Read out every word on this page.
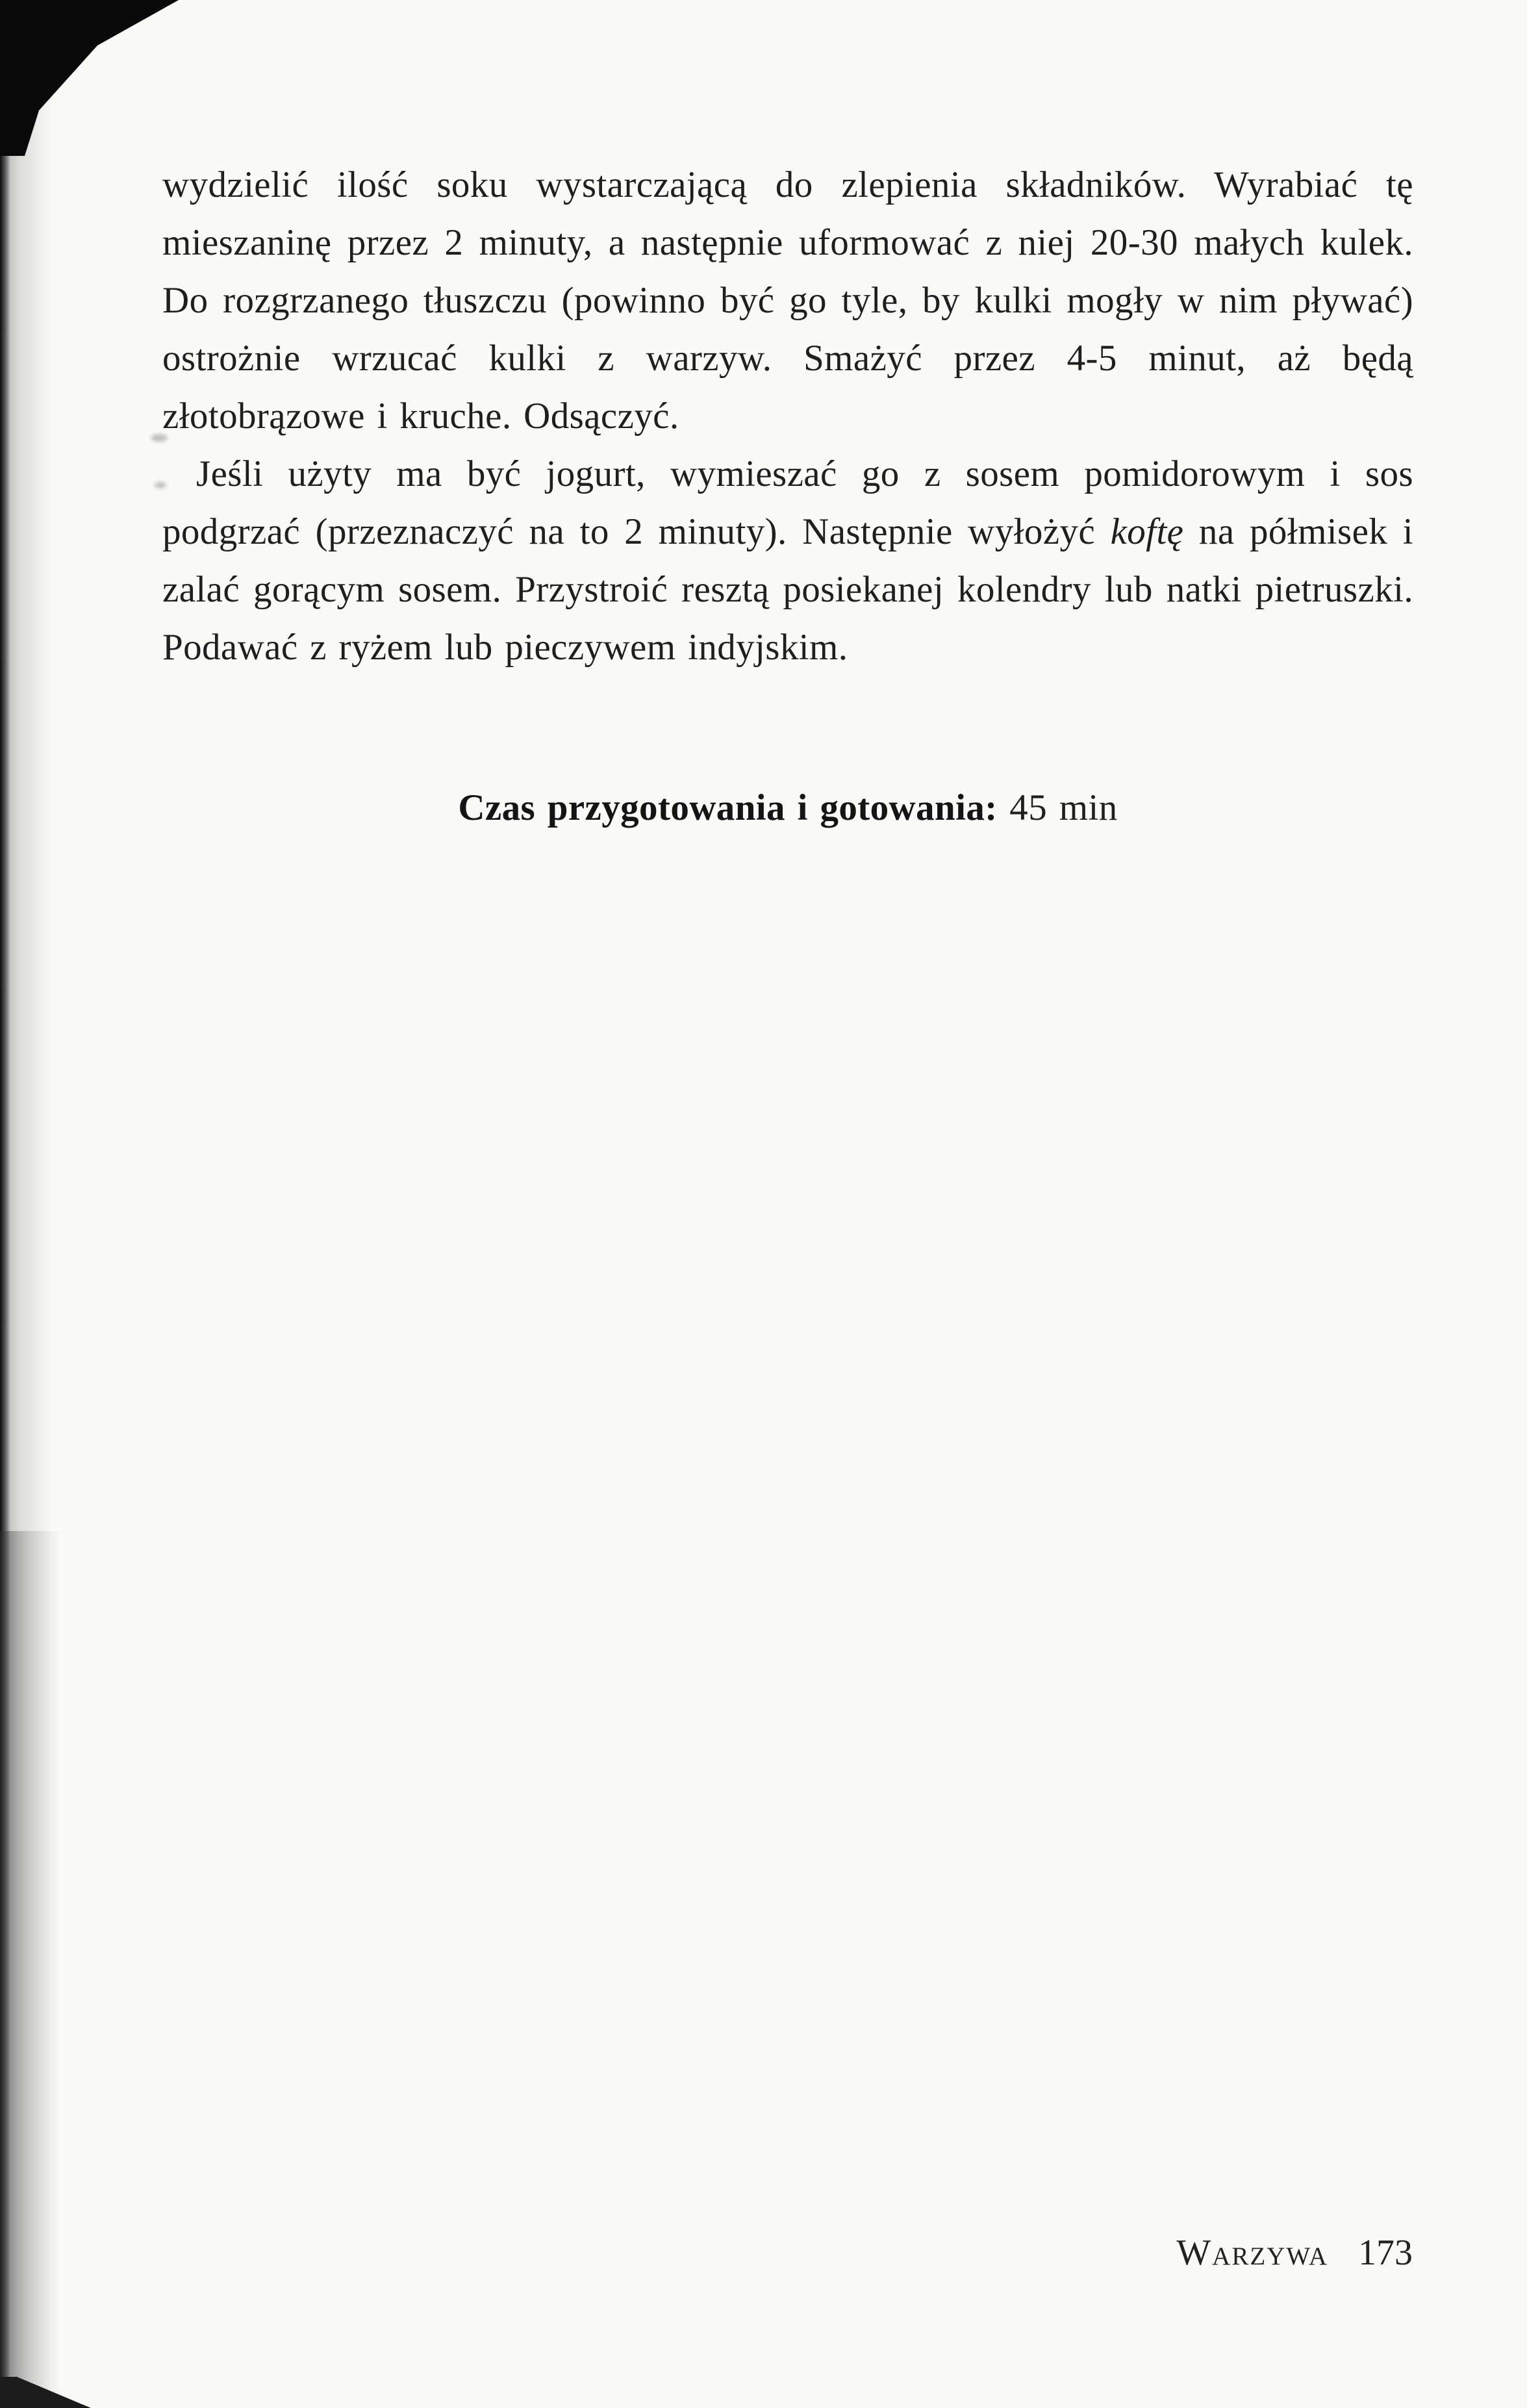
wydzielić ilość soku wystarczającą do zlepienia składników. Wyrabiać tę mieszaninę przez 2 minuty, a następnie uformować z niej 20-30 małych kulek. Do rozgrzanego tłuszczu (powinno być go tyle, by kulki mogły w nim pływać) ostrożnie wrzucać kulki z warzyw. Smażyć przez 4-5 minut, aż będą złotobrązowe i kruche. Odsączyć.

Jeśli użyty ma być jogurt, wymieszać go z sosem pomidorowym i sos podgrzać (przeznaczyć na to 2 minuty). Następnie wyłożyć koftę na półmisek i zalać gorącym sosem. Przystroić resztą posiekanej kolendry lub natki pietruszki. Podawać z ryżem lub pieczywem indyjskim.

Czas przygotowania i gotowania: 45 min

Warzywa 173
